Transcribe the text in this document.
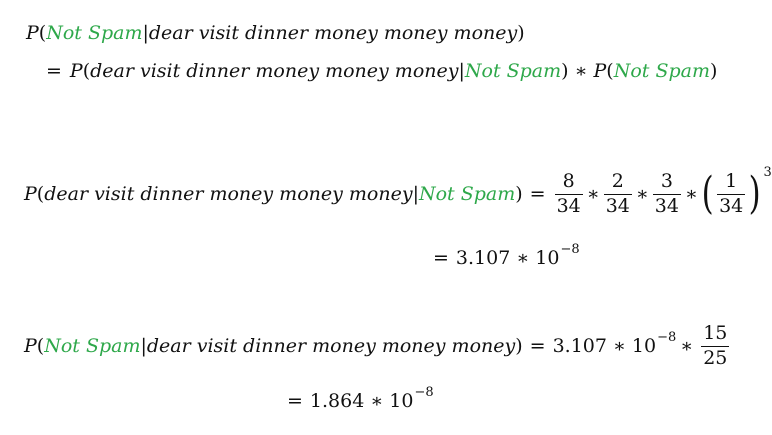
P ( Not Spam | dear visit dinner money money money )
= P ( dear visit dinner money money money | Not Spam ) ∗ P ( Not Spam )
P ( dear visit dinner money money money | Not Spam ) = $\frac{8}{34}$ ∗ $\frac{2}{34}$ ∗ $\frac{3}{34}$ ∗ ( $\frac{1}{34}$ ) 3
= 3.107 ∗ 10 −8
P ( Not Spam | dear visit dinner money money money ) = 3.107 ∗ 10 −8 ∗ $\frac{15}{25}$
= 1.864 ∗ 10 −8
